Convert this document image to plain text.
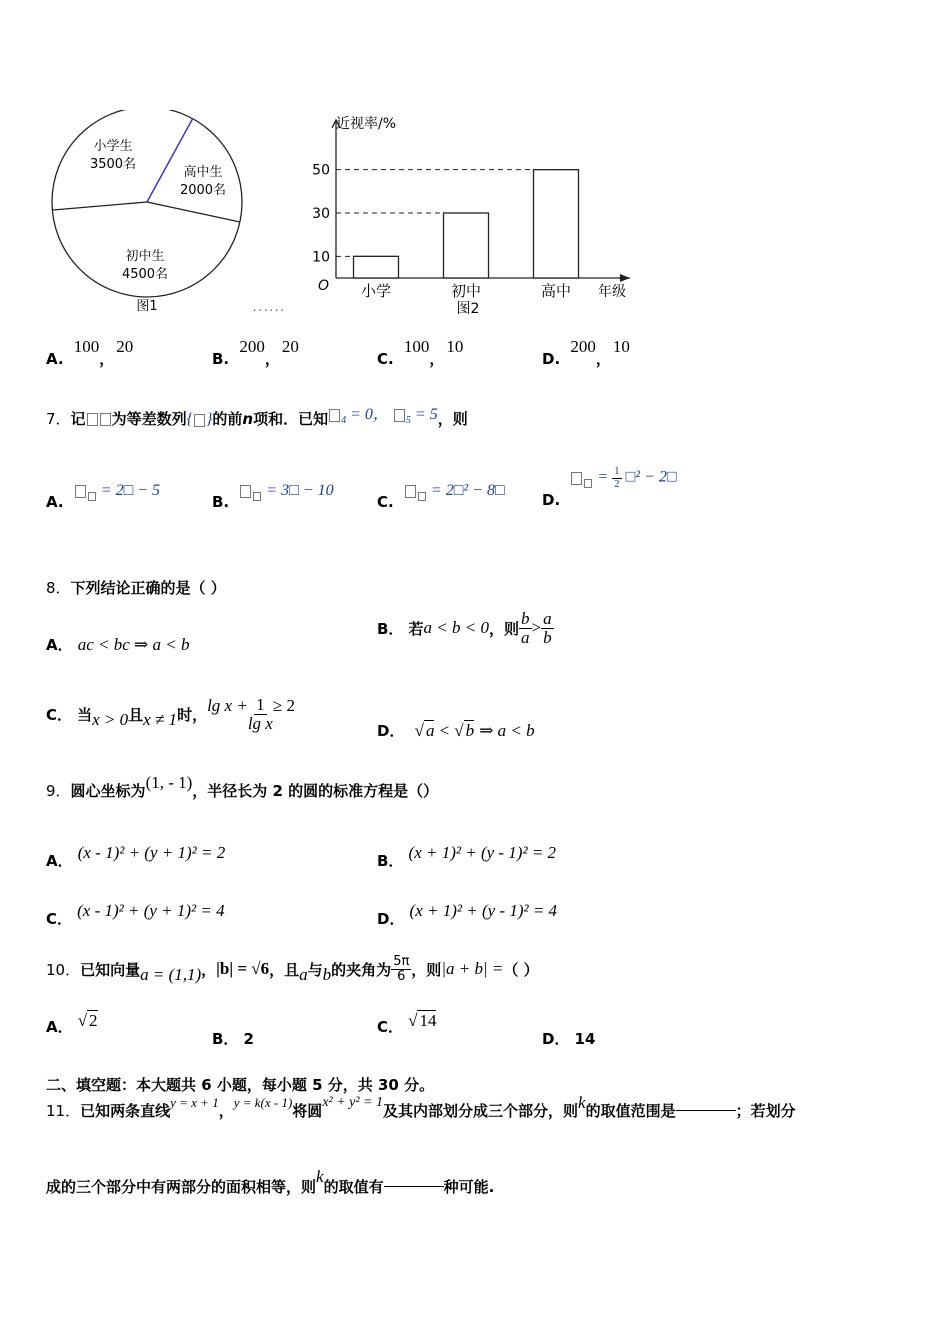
小学生
3500名
高中生
2000名
初中生
4500名
图1	......
近视率/%
O	年级
图2
10
小学
30
初中
50
高中
A.  100，20
B.  200，20
C.  100，10
D.  200，10
7．记 为等差数列{ }的前n项和．已知 $_4$ = 0， $_5$ = 5，则
A.

= 2□ − 5
B.

= 3□ − 10
C.

= 2□² − 8□
D.

= $\frac{1}{2}$ □² − 2□
8．下列结论正确的是（ ）
A． ac < bc ⇒ a < b
B．
若 a < b < 0 ，则 $\frac{b}{a} > \frac{a}{b}$
C．
当 x > 0 且 x ≠ 1 时， $\lg x + \frac{1}{\text{lg x}} \ge 2$
D． √ a < √ b ⇒ a < b
9． 圆心坐标为 (1, - 1) ，半径长为 2 的圆的标准方程是（）
A． (x - 1)² + (y + 1)² = 2	B． (x + 1)² + (y - 1)² = 2
C． (x - 1)² + (y + 1)² = 4	D． (x + 1)² + (y - 1)² = 4
10． 已知向量 a = (1,1) ， |b| = √6 ，且 a 与 b 的夹角为 $\frac{5\pi}{6}$ ，则 |a + b| = （ ）
A． √ 2
B． 2
C． √ 14
D． 14
二、填空题：本大题共 6 小题，每小题 5 分，共 30 分。
11． 已知两条直线 y = x + 1 ， y = k(x - 1) 将圆 x² + y² = 1 及其内部划分成三个部分，则 k 的取值范围是	；若划分
成的三个部分中有两部分的面积相等，则
k
的取值有	种可能.
